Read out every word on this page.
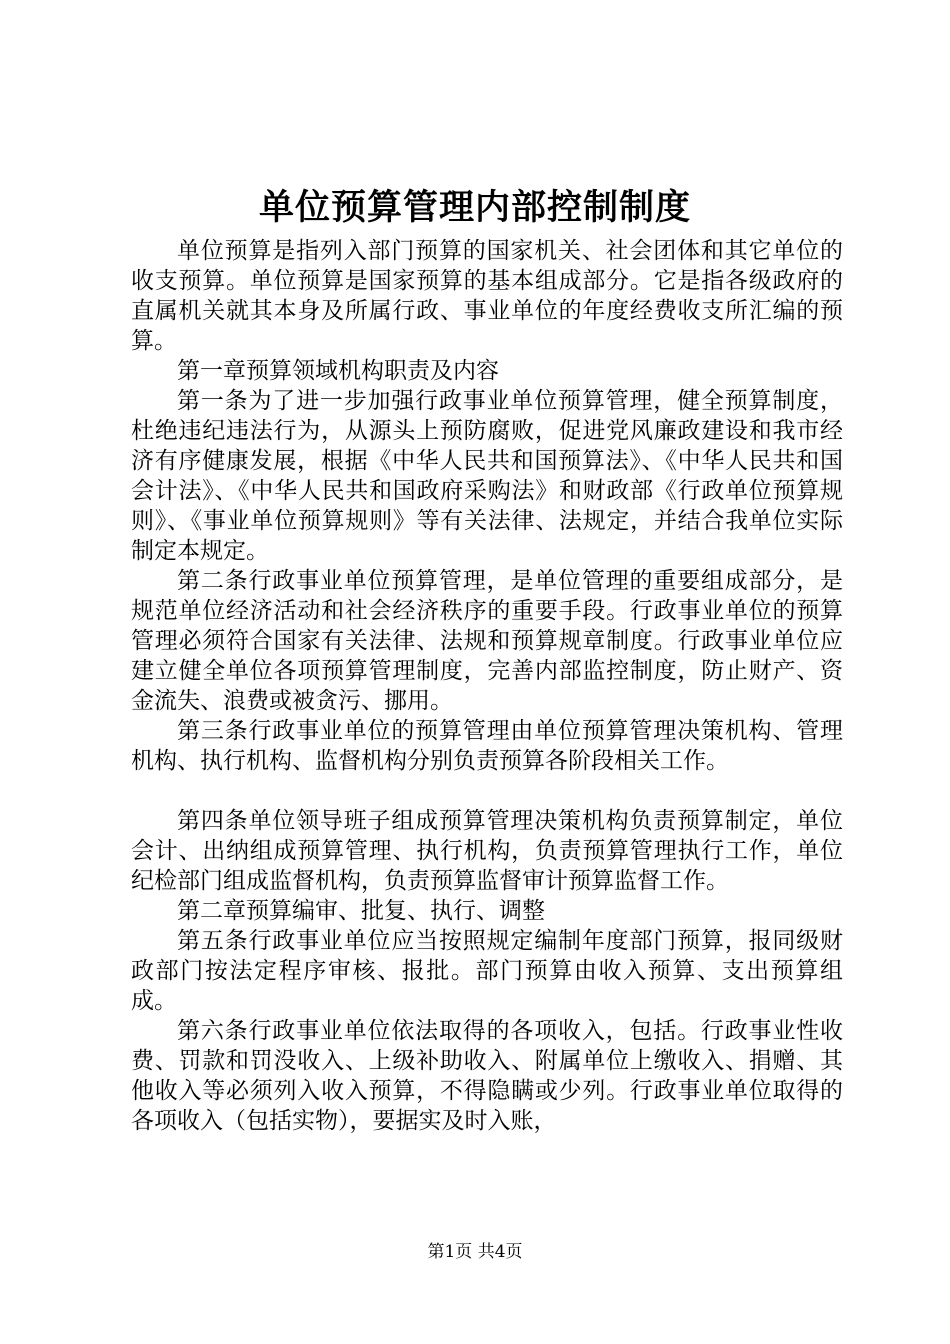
单位预算管理内部控制制度

单位预算是指列入部门预算的国家机关、社会团体和其它单位的收支预算。单位预算是国家预算的基本组成部分。它是指各级政府的直属机关就其本身及所属行政、事业单位的年度经费收支所汇编的预算。

第一章预算领域机构职责及内容

第一条为了进一步加强行政事业单位预算管理，健全预算制度，杜绝违纪违法行为，从源头上预防腐败，促进党风廉政建设和我市经济有序健康发展，根据《中华人民共和国预算法》、《中华人民共和国会计法》、《中华人民共和国政府采购法》和财政部《行政单位预算规则》、《事业单位预算规则》等有关法律、法规定，并结合我单位实际制定本规定。

第二条行政事业单位预算管理，是单位管理的重要组成部分，是规范单位经济活动和社会经济秩序的重要手段。行政事业单位的预算管理必须符合国家有关法律、法规和预算规章制度。行政事业单位应建立健全单位各项预算管理制度，完善内部监控制度，防止财产、资金流失、浪费或被贪污、挪用。

第三条行政事业单位的预算管理由单位预算管理决策机构、管理机构、执行机构、监督机构分别负责预算各阶段相关工作。

第四条单位领导班子组成预算管理决策机构负责预算制定，单位会计、出纳组成预算管理、执行机构，负责预算管理执行工作，单位纪检部门组成监督机构，负责预算监督审计预算监督工作。

第二章预算编审、批复、执行、调整

第五条行政事业单位应当按照规定编制年度部门预算，报同级财政部门按法定程序审核、报批。部门预算由收入预算、支出预算组成。

第六条行政事业单位依法取得的各项收入，包括。行政事业性收费、罚款和罚没收入、上级补助收入、附属单位上缴收入、捐赠、其他收入等必须列入收入预算，不得隐瞒或少列。行政事业单位取得的各项收入（包括实物），要据实及时入账，

第1页 共4页
